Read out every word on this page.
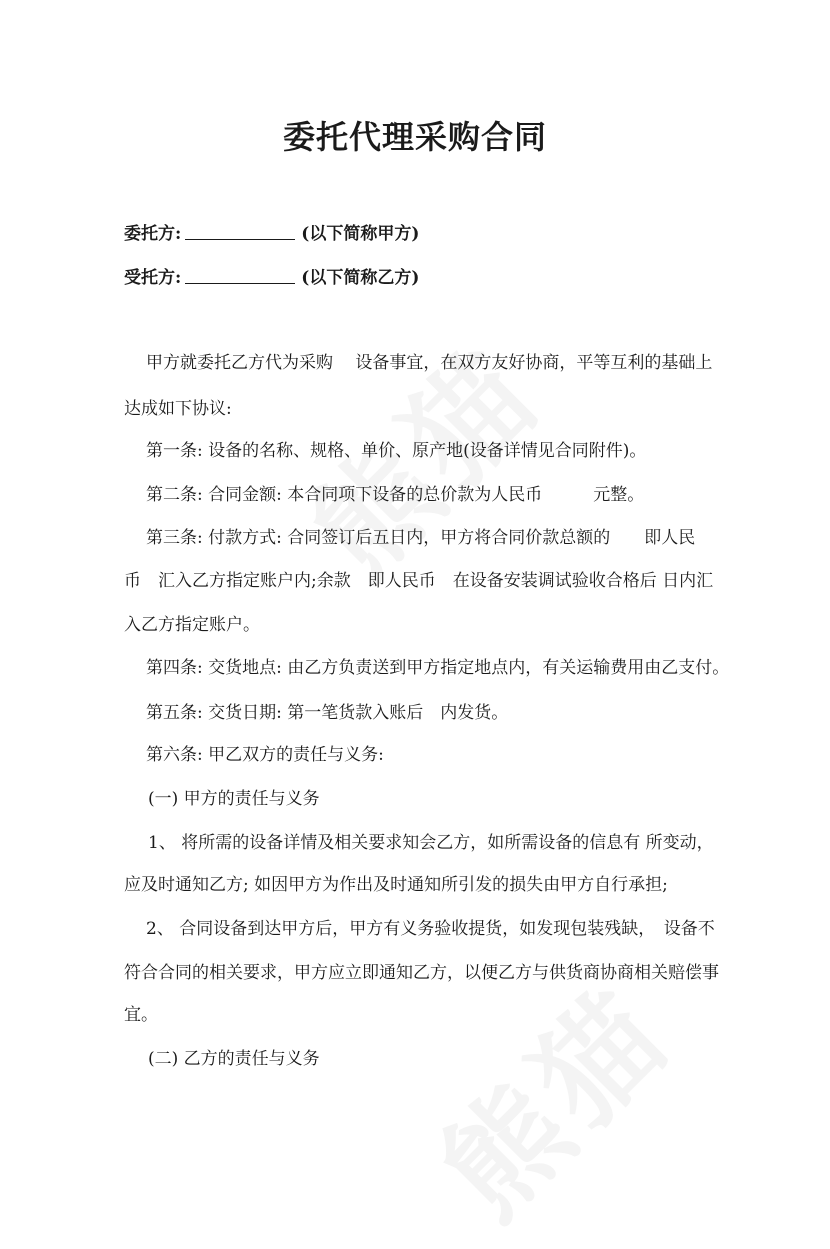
委托代理采购合同
委托方:	(以下简称甲方)
受托方:	(以下简称乙方)
甲方就委托乙方代为采购　 设备事宜，在双方友好协商，平等互利的基础上
达成如下协议:
第一条: 设备的名称、规格、单价、原产地(设备详情见合同附件)。
第二条: 合同金额: 本合同项下设备的总价款为人民币　　　元整。
第三条: 付款方式: 合同签订后五日内，甲方将合同价款总额的　　即人民
币　汇入乙方指定账户内;余款　即人民币　在设备安装调试验收合格后 日内汇
入乙方指定账户。
第四条: 交货地点: 由乙方负责送到甲方指定地点内，有关运输费用由乙支付。
第五条: 交货日期: 第一笔货款入账后　内发货。
第六条: 甲乙双方的责任与义务:
(一) 甲方的责任与义务
1、 将所需的设备详情及相关要求知会乙方，如所需设备的信息有 所变动，
应及时通知乙方; 如因甲方为作出及时通知所引发的损失由甲方自行承担;
2、 合同设备到达甲方后，甲方有义务验收提货，如发现包装残缺，　设备不
符合合同的相关要求，甲方应立即通知乙方，以便乙方与供货商协商相关赔偿事
宜。
(二) 乙方的责任与义务
